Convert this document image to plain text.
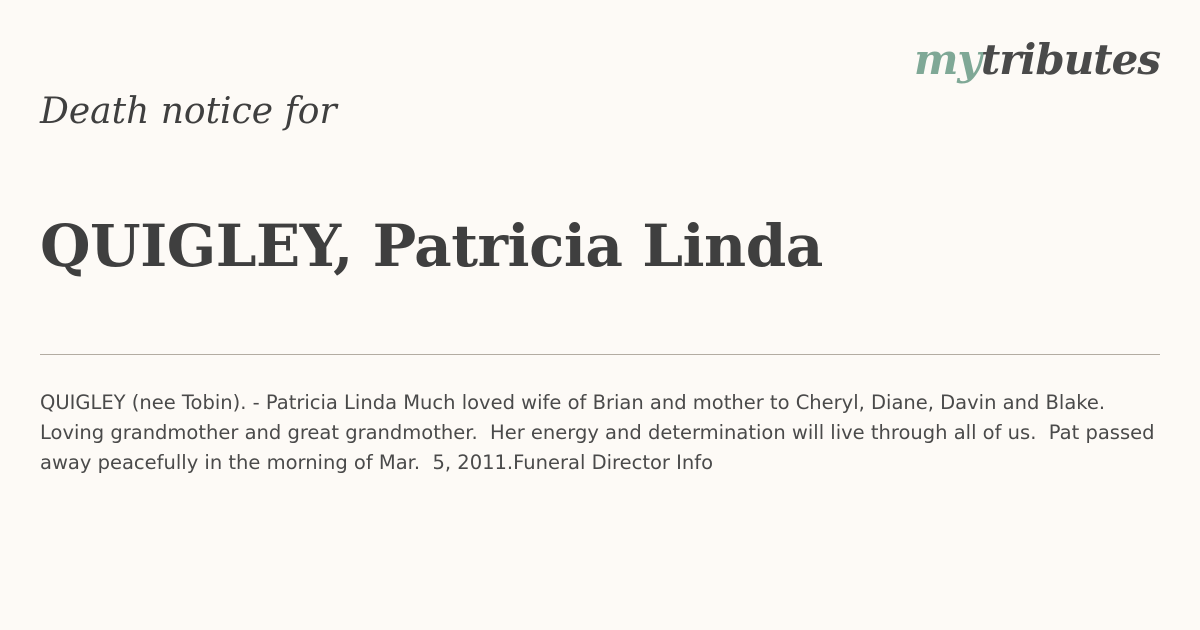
mytributes
Death notice for
QUIGLEY, Patricia Linda

QUIGLEY (nee Tobin). - Patricia Linda Much loved wife of Brian and mother to Cheryl, Diane, Davin and Blake. Loving grandmother and great grandmother.  Her energy and determination will live through all of us.  Pat passed away peacefully in the morning of Mar.  5, 2011.Funeral Director Info
